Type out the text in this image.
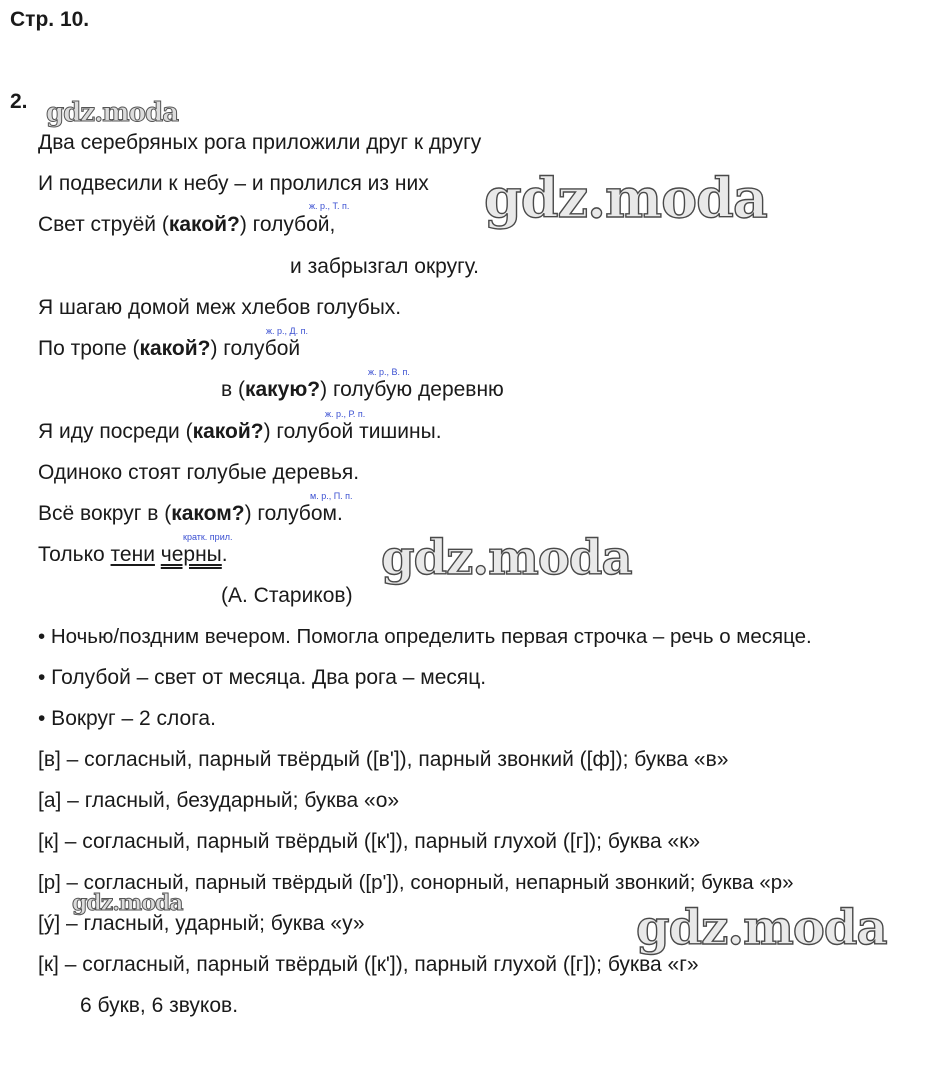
Стр. 10.
2. gdz.moda
gdz.moda
gdz.moda
gdz.moda	gdz.moda
Два серебряных рога приложили друг к другу
И подвесили к небу – и пролился из них
ж. р., Т. п.
Свет струёй (какой?) голубой,
и забрызгал округу.
Я шагаю домой меж хлебов голубых.
ж. р., Д. п.
По тропе (какой?) голубой
ж. р., В. п.
в (какую?) голубую деревню
ж. р., Р. п.
Я иду посреди (какой?) голубой тишины.
Одиноко стоят голубые деревья.
м. р., П. п.
Всё вокруг в (каком?) голубом.
кратк. прил.
Только тени черны.
(А. Стариков)
• Ночью/поздним вечером. Помогла определить первая строчка – речь о месяце.
• Голубой – свет от месяца. Два рога – месяц.
• Вокруг – 2 слога.
[в] – согласный, парный твёрдый ([в']), парный звонкий ([ф]); буква «в»
[а] – гласный, безударный; буква «о»
[к] – согласный, парный твёрдый ([к']), парный глухой ([г]); буква «к»
[р] – согласный, парный твёрдый ([р']), сонорный, непарный звонкий; буква «р»
[ý] – гласный, ударный; буква «у»
[к] – согласный, парный твёрдый ([к']), парный глухой ([г]); буква «г»
6 букв, 6 звуков.
